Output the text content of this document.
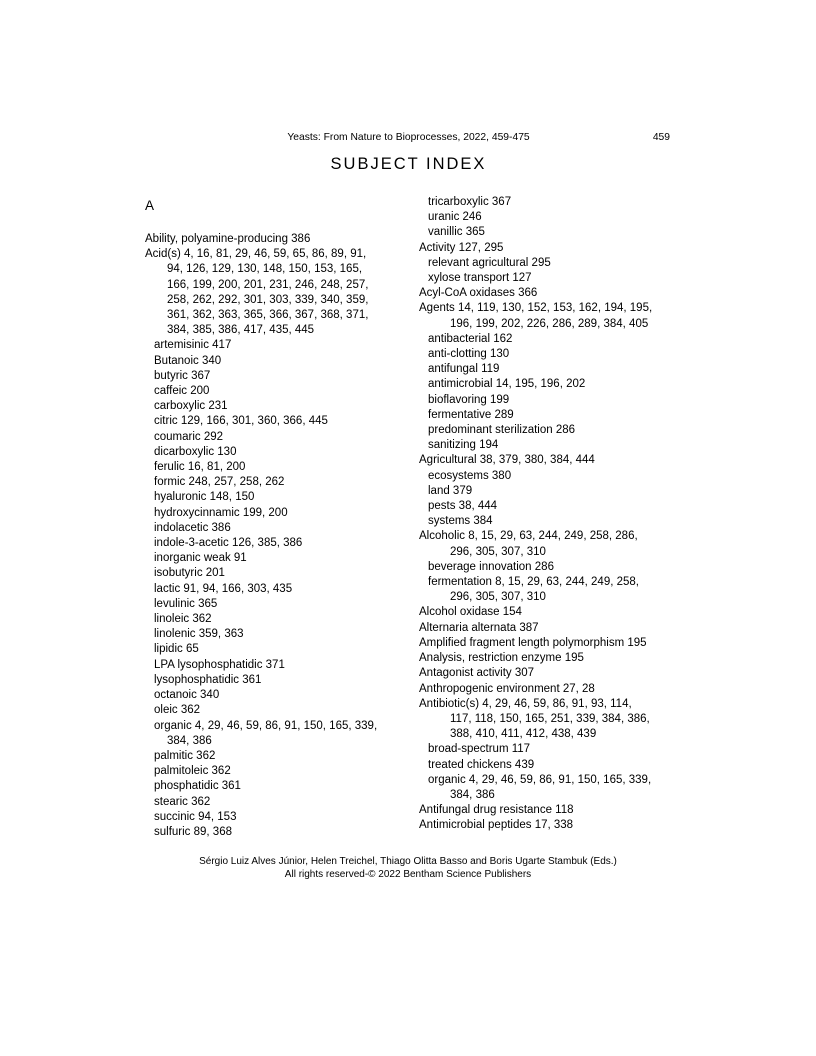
Yeasts: From Nature to Bioprocesses, 2022, 459-475	459
SUBJECT INDEX
A
Ability, polyamine-producing 386
Acid(s) 4, 16, 81, 29, 46, 59, 65, 86, 89, 91,
94, 126, 129, 130, 148, 150, 153, 165,
166, 199, 200, 201, 231, 246, 248, 257,
258, 262, 292, 301, 303, 339, 340, 359,
361, 362, 363, 365, 366, 367, 368, 371,
384, 385, 386, 417, 435, 445
artemisinic 417
Butanoic 340
butyric 367
caffeic 200
carboxylic 231
citric 129, 166, 301, 360, 366, 445
coumaric 292
dicarboxylic 130
ferulic 16, 81, 200
formic 248, 257, 258, 262
hyaluronic 148, 150
hydroxycinnamic 199, 200
indolacetic 386
indole-3-acetic 126, 385, 386
inorganic weak 91
isobutyric 201
lactic 91, 94, 166, 303, 435
levulinic 365
linoleic 362
linolenic 359, 363
lipidic 65
LPA lysophosphatidic 371
lysophosphatidic 361
octanoic 340
oleic 362
organic 4, 29, 46, 59, 86, 91, 150, 165, 339,
384, 386
palmitic 362
palmitoleic 362
phosphatidic 361
stearic 362
succinic 94, 153
sulfuric 89, 368
tricarboxylic 367
uranic 246
vanillic 365
Activity 127, 295
relevant agricultural 295
xylose transport 127
Acyl-CoA oxidases 366
Agents 14, 119, 130, 152, 153, 162, 194, 195,
196, 199, 202, 226, 286, 289, 384, 405
antibacterial 162
anti-clotting 130
antifungal 119
antimicrobial 14, 195, 196, 202
bioflavoring 199
fermentative 289
predominant sterilization 286
sanitizing 194
Agricultural 38, 379, 380, 384, 444
ecosystems 380
land 379
pests 38, 444
systems 384
Alcoholic 8, 15, 29, 63, 244, 249, 258, 286,
296, 305, 307, 310
beverage innovation 286
fermentation 8, 15, 29, 63, 244, 249, 258,
296, 305, 307, 310
Alcohol oxidase 154
Alternaria alternata 387
Amplified fragment length polymorphism 195
Analysis, restriction enzyme 195
Antagonist activity 307
Anthropogenic environment 27, 28
Antibiotic(s) 4, 29, 46, 59, 86, 91, 93, 114,
117, 118, 150, 165, 251, 339, 384, 386,
388, 410, 411, 412, 438, 439
broad-spectrum 117
treated chickens 439
organic 4, 29, 46, 59, 86, 91, 150, 165, 339,
384, 386
Antifungal drug resistance 118
Antimicrobial peptides 17, 338
Sérgio Luiz Alves Júnior, Helen Treichel, Thiago Olitta Basso and Boris Ugarte Stambuk (Eds.)
All rights reserved-© 2022 Bentham Science Publishers
